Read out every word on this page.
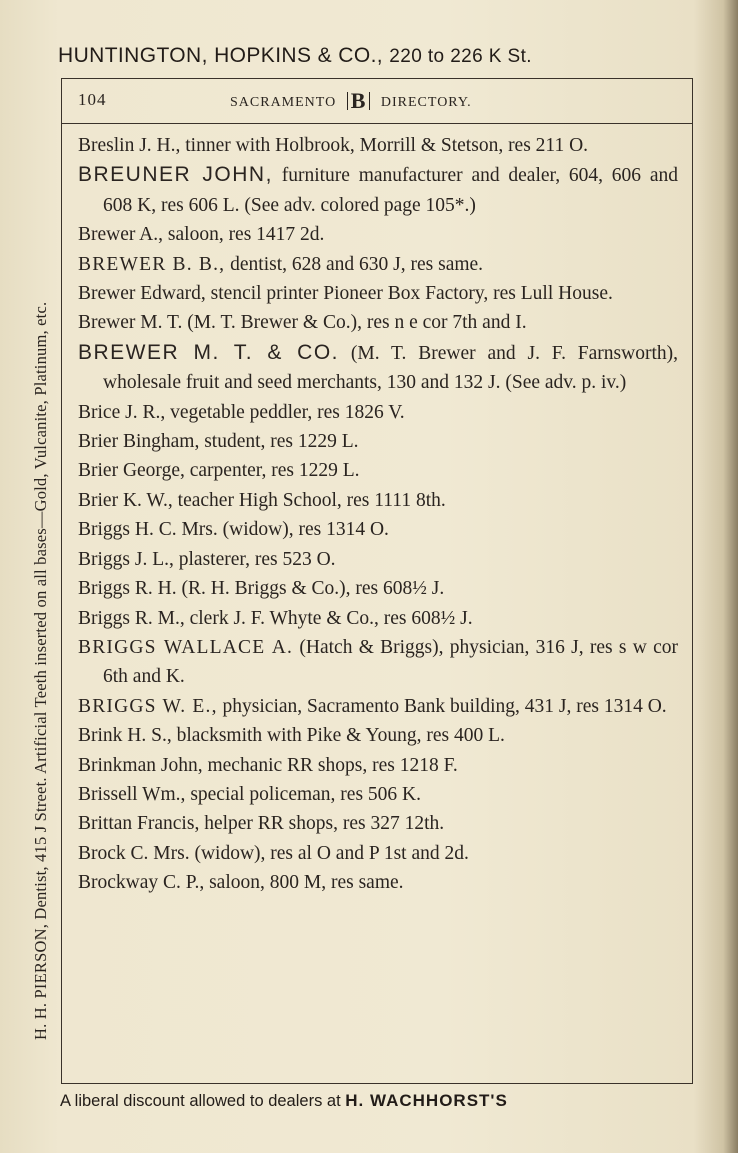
HUNTINGTON, HOPKINS & CO., 220 to 226 K St.
H. H. PIERSON, Dentist, 415 J Street. Artificial Teeth inserted on all bases—Gold, Vulcanite, Platinum, etc.
104	SACRAMENTO B DIRECTORY.
Breslin J. H., tinner with Holbrook, Morrill & Stetson, res 211 O.
BREUNER JOHN, furniture manufacturer and dealer, 604, 606 and 608 K, res 606 L. (See adv. colored page 105*.)
Brewer A., saloon, res 1417 2d.
BREWER B. B., dentist, 628 and 630 J, res same.
Brewer Edward, stencil printer Pioneer Box Factory, res Lull House.
Brewer M. T. (M. T. Brewer & Co.), res n e cor 7th and I.
BREWER M. T. & CO. (M. T. Brewer and J. F. Farnsworth), wholesale fruit and seed merchants, 130 and 132 J. (See adv. p. iv.)
Brice J. R., vegetable peddler, res 1826 V.
Brier Bingham, student, res 1229 L.
Brier George, carpenter, res 1229 L.
Brier K. W., teacher High School, res 1111 8th.
Briggs H. C. Mrs. (widow), res 1314 O.
Briggs J. L., plasterer, res 523 O.
Briggs R. H. (R. H. Briggs & Co.), res 608½ J.
Briggs R. M., clerk J. F. Whyte & Co., res 608½ J.
BRIGGS WALLACE A. (Hatch & Briggs), physician, 316 J, res s w cor 6th and K.
BRIGGS W. E., physician, Sacramento Bank building, 431 J, res 1314 O.
Brink H. S., blacksmith with Pike & Young, res 400 L.
Brinkman John, mechanic RR shops, res 1218 F.
Brissell Wm., special policeman, res 506 K.
Brittan Francis, helper RR shops, res 327 12th.
Brock C. Mrs. (widow), res al O and P 1st and 2d.
Brockway C. P., saloon, 800 M, res same.
A liberal discount allowed to dealers at H. WACHHORST'S
